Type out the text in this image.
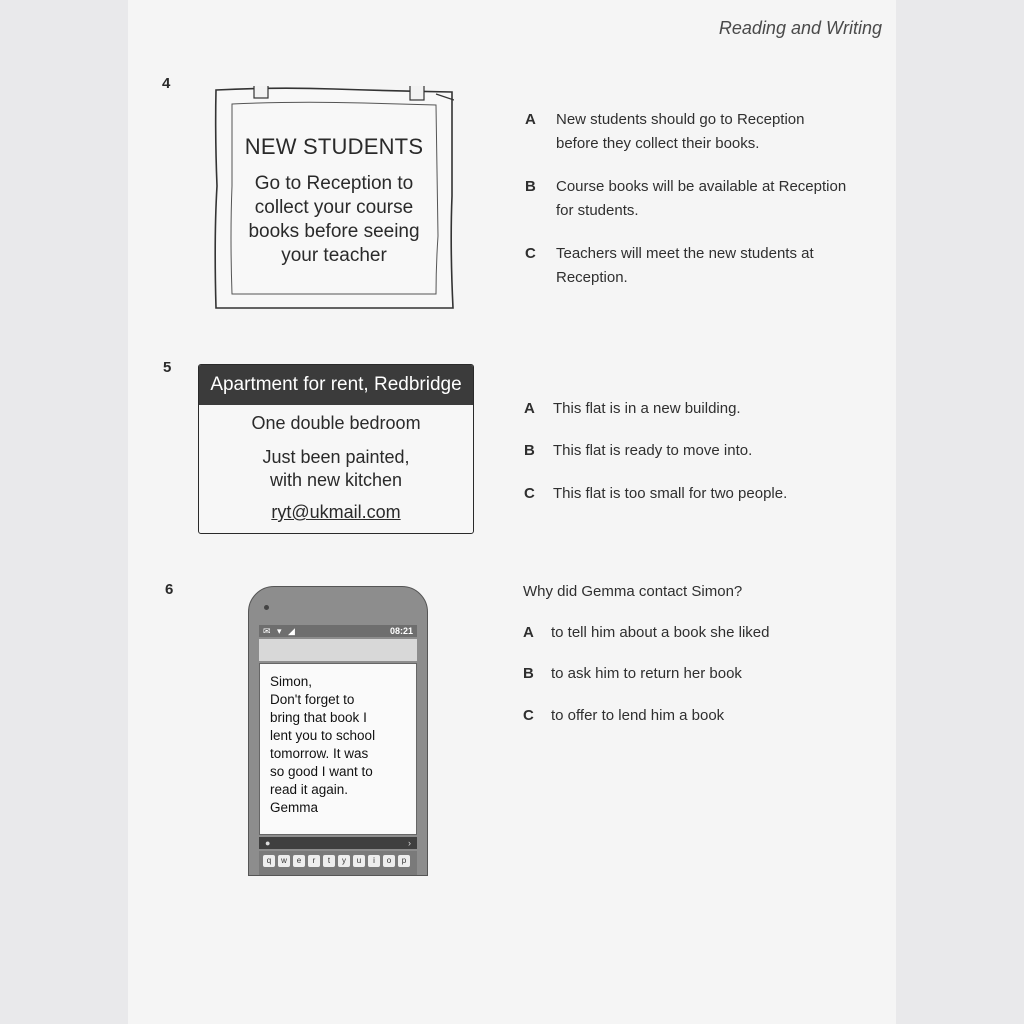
Reading and Writing
4
NEW STUDENTS
Go to Reception to
collect your course
books before seeing
your teacher
A	New students should go to Reception
before they collect their books.
B	Course books will be available at Reception
for students.
C	Teachers will meet the new students at
Reception.
5
Apartment for rent, Redbridge
One double bedroom
Just been painted,
with new kitchen
ryt@ukmail.com
A	This flat is in a new building.
B	This flat is ready to move into.
C	This flat is too small for two people.
6
✉ ▾ ◢	08:21
Simon,
Don't forget to
bring that book I
lent you to school
tomorrow. It was
so good I want to
read it again.
Gemma
●	›
q	w	e	r	t	y	u	i	o	p
Why did Gemma contact Simon?
A	to tell him about a book she liked
B	to ask him to return her book
C	to offer to lend him a book
